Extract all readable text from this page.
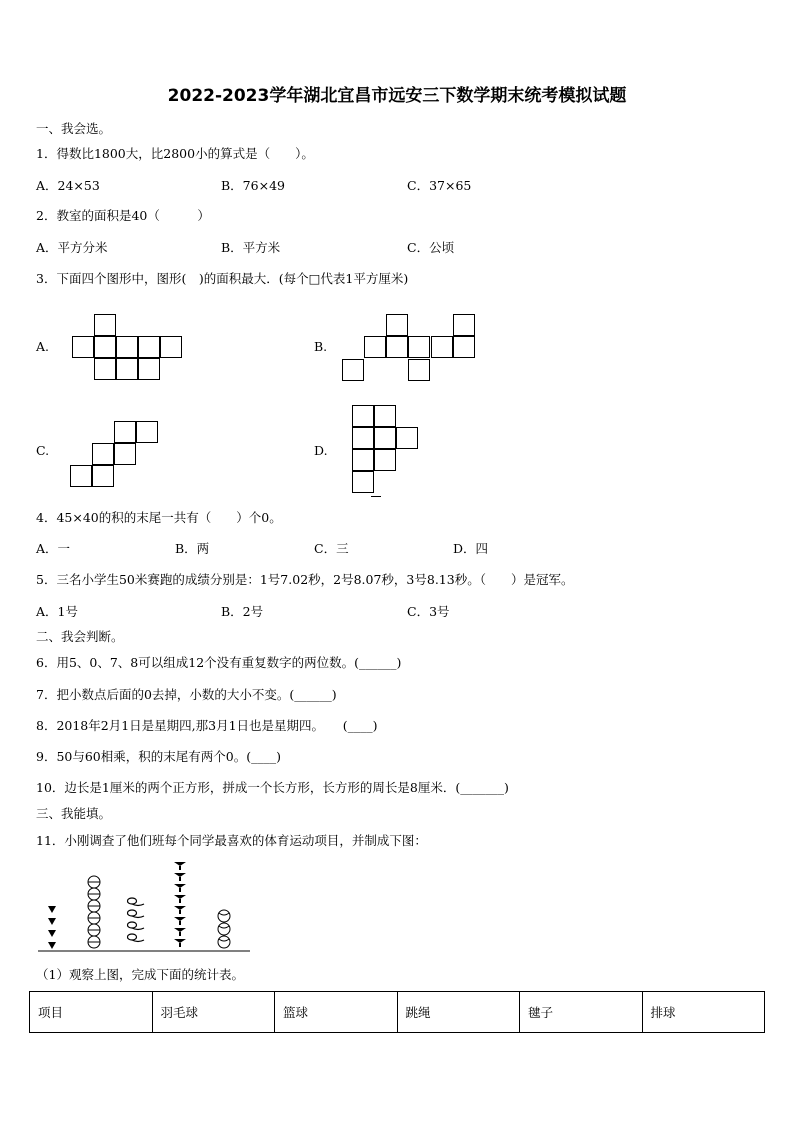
2022-2023学年湖北宜昌市远安三下数学期末统考模拟试题
一、我会选。
1．得数比1800大，比2800小的算式是（　　）。
A．24×53	B．76×49	C．37×65
2．教室的面积是40（　　　）
A．平方分米	B．平方米	C．公顷
3．下面四个图形中，图形(　)的面积最大．(每个□代表1平方厘米)
A.	B.
C.	D.
4．45×40的积的末尾一共有（　　）个0。
A．一	B．两	C．三	D．四
5．三名小学生50米赛跑的成绩分别是：1号7.02秒，2号8.07秒，3号8.13秒。（　　）是冠军。
A．1号	B．2号	C．3号
二、我会判断。
6．用5、0、7、8可以组成12个没有重复数字的两位数。(______)
7．把小数点后面的0去掉，小数的大小不变。(______)
8．2018年2月1日是星期四,那3月1日也是星期四。　　(____)
9．50与60相乘，积的末尾有两个0。(____)
10．边长是1厘米的两个正方形，拼成一个长方形，长方形的周长是8厘米．(_______)
三、我能填。
11．小刚调查了他们班每个同学最喜欢的体育运动项目，并制成下图：
（1）观察上图，完成下面的统计表。
项目	羽毛球	篮球	跳绳	毽子	排球
